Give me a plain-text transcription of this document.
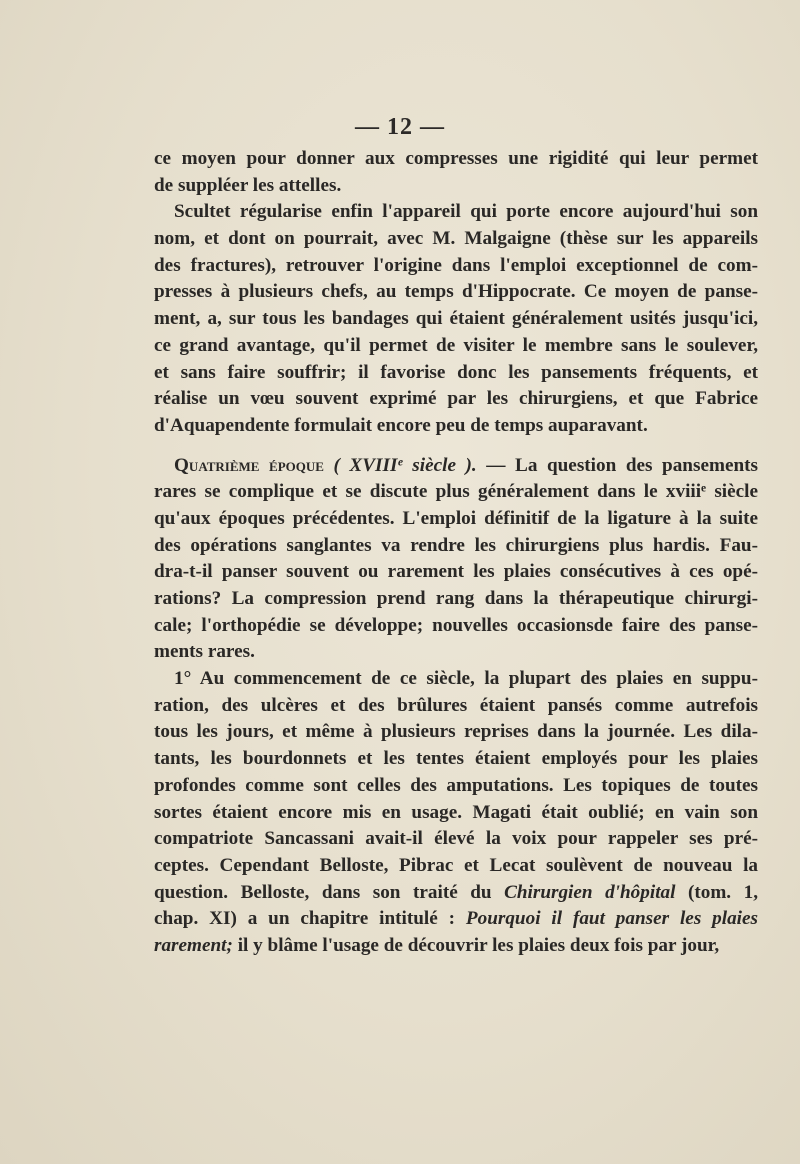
— 12 —
ce moyen pour donner aux compresses une rigidité qui leur permet
de suppléer les attelles.
Scultet régularise enfin l'appareil qui porte encore aujourd'hui son
nom, et dont on pourrait, avec M. Malgaigne (thèse sur les appareils
des fractures), retrouver l'origine dans l'emploi exceptionnel de com-
presses à plusieurs chefs, au temps d'Hippocrate. Ce moyen de panse-
ment, a, sur tous les bandages qui étaient généralement usités jusqu'ici,
ce grand avantage, qu'il permet de visiter le membre sans le soulever,
et sans faire souffrir; il favorise donc les pansements fréquents, et
réalise un vœu souvent exprimé par les chirurgiens, et que Fabrice
d'Aquapendente formulait encore peu de temps auparavant.
Quatrième époque ( XVIIIᵉ siècle ). — La question des pansements
rares se complique et se discute plus généralement dans le xviiiᵉ siècle
qu'aux époques précédentes. L'emploi définitif de la ligature à la suite
des opérations sanglantes va rendre les chirurgiens plus hardis. Fau-
dra-t-il panser souvent ou rarement les plaies consécutives à ces opé-
rations? La compression prend rang dans la thérapeutique chirurgi-
cale; l'orthopédie se développe; nouvelles occasionsde faire des panse-
ments rares.
1° Au commencement de ce siècle, la plupart des plaies en suppu-
ration, des ulcères et des brûlures étaient pansés comme autrefois
tous les jours, et même à plusieurs reprises dans la journée. Les dila-
tants, les bourdonnets et les tentes étaient employés pour les plaies
profondes comme sont celles des amputations. Les topiques de toutes
sortes étaient encore mis en usage. Magati était oublié; en vain son
compatriote Sancassani avait-il élevé la voix pour rappeler ses pré-
ceptes. Cependant Belloste, Pibrac et Lecat soulèvent de nouveau la
question. Belloste, dans son traité du Chirurgien d'hôpital (tom. 1,
chap. XI) a un chapitre intitulé : Pourquoi il faut panser les plaies
rarement; il y blâme l'usage de découvrir les plaies deux fois par jour,
